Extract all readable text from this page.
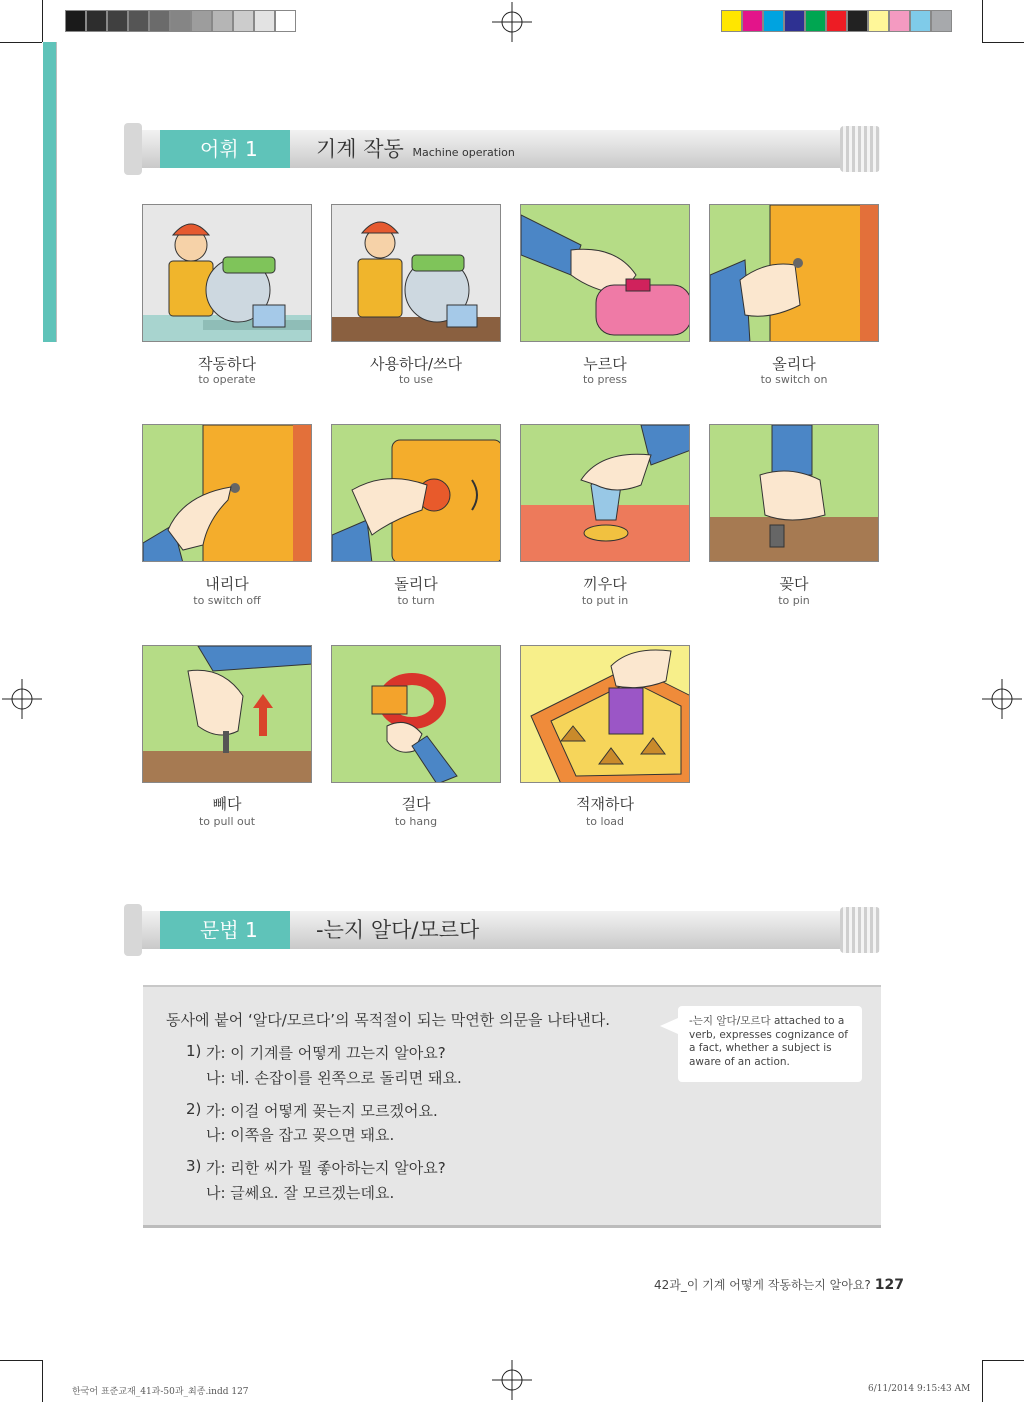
어휘 1	기계 작동 Machine operation
작동하다
to operate
사용하다/쓰다
to use
누르다
to press
올리다
to switch on
내리다
to switch off
돌리다
to turn
끼우다
to put in
꽂다
to pin
빼다
to pull out
걸다
to hang
적재하다
to load
문법 1	-는지 알다/모르다
동사에 붙어 ‘알다/모르다’의 목적절이 되는 막연한 의문을 나타낸다.
1) 가: 이 기계를 어떻게 끄는지 알아요?
나: 네. 손잡이를 왼쪽으로 돌리면 돼요.
2) 가: 이걸 어떻게 꽂는지 모르겠어요.
나: 이쪽을 잡고 꽂으면 돼요.
3) 가: 리한 씨가 뭘 좋아하는지 알아요?
나: 글쎄요. 잘 모르겠는데요.
-는지 알다/모르다 attached to a verb, expresses cognizance of a fact, whether a subject is aware of an action.
42과_이 기계 어떻게 작동하는지 알아요? 127
한국어 표준교재_41과-50과_최종.indd 127	6/11/2014 9:15:43 AM
